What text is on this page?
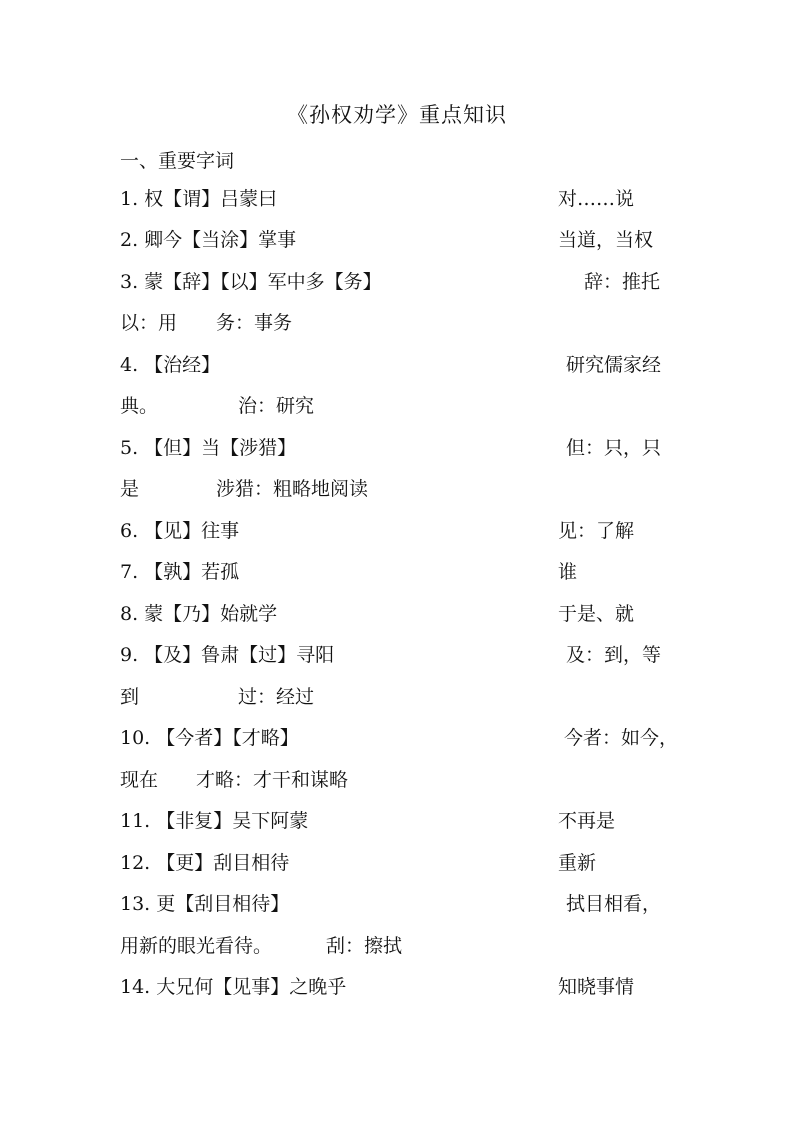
《孙权劝学》重点知识
一、重要字词
1. 权【谓】吕蒙曰	对……说
2. 卿今【当涂】掌事	当道，当权
3. 蒙【辞】【以】军中多【务】	辞：推托
以：用 务：事务
4. 【治经】	研究儒家经
典。	治：研究
5. 【但】当【涉猎】	但：只，只
是	涉猎：粗略地阅读
6. 【见】往事	见：了解
7. 【孰】若孤	谁
8. 蒙【乃】始就学	于是、就
9. 【及】鲁肃【过】寻阳	及：到，等
到	过：经过
10. 【今者】【才略】	今者：如今，
现在 才略：才干和谋略
11. 【非复】吴下阿蒙	不再是
12. 【更】刮目相待	重新
13. 更【刮目相待】	拭目相看，
用新的眼光看待。	刮：擦拭
14. 大兄何【见事】之晚乎	知晓事情
